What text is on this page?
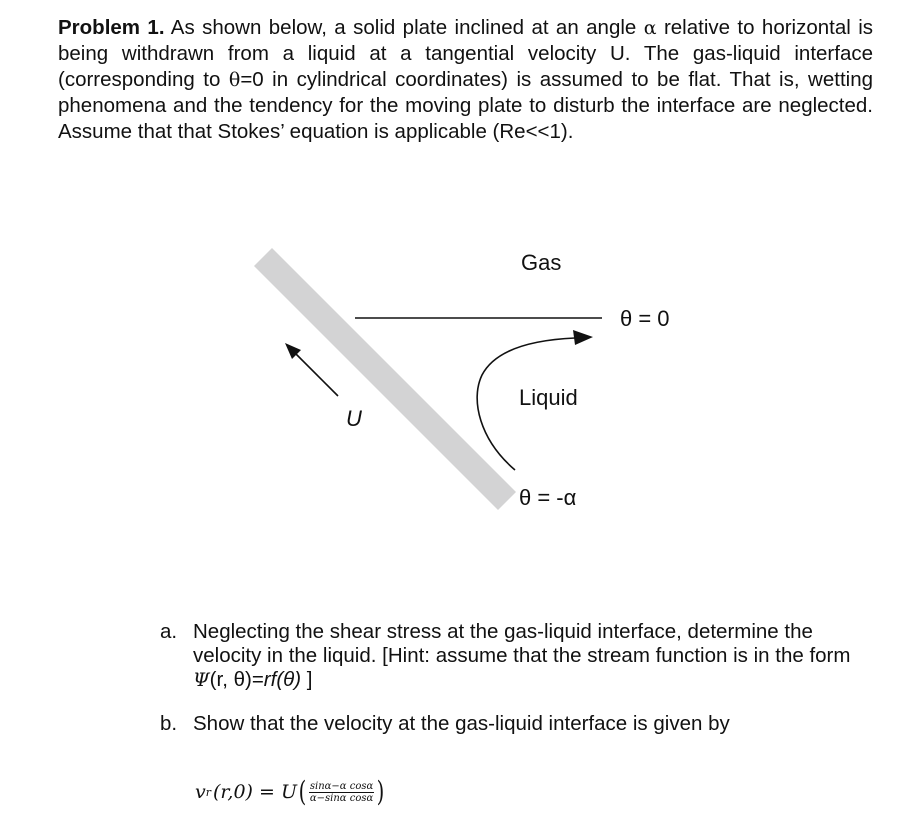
Problem 1. As shown below, a solid plate inclined at an angle α relative to horizontal is being withdrawn from a liquid at a tangential velocity U. The gas-liquid interface (corresponding to θ=0 in cylindrical coordinates) is assumed to be flat. That is, wetting phenomena and the tendency for the moving plate to disturb the interface are neglected. Assume that that Stokes’ equation is applicable (Re<<1).
Gas
Liquid
θ = 0
θ = -α
U
a. Neglecting the shear stress at the gas-liquid interface, determine the velocity in the liquid. [Hint: assume that the stream function is in the form Ψ(r, θ)=rf(θ) ]
b. Show that the velocity at the gas-liquid interface is given by
v r (r,0) = U ( $\frac{\text{sinα−α cosα}}{\text{α−sinα cosα}}$ )
